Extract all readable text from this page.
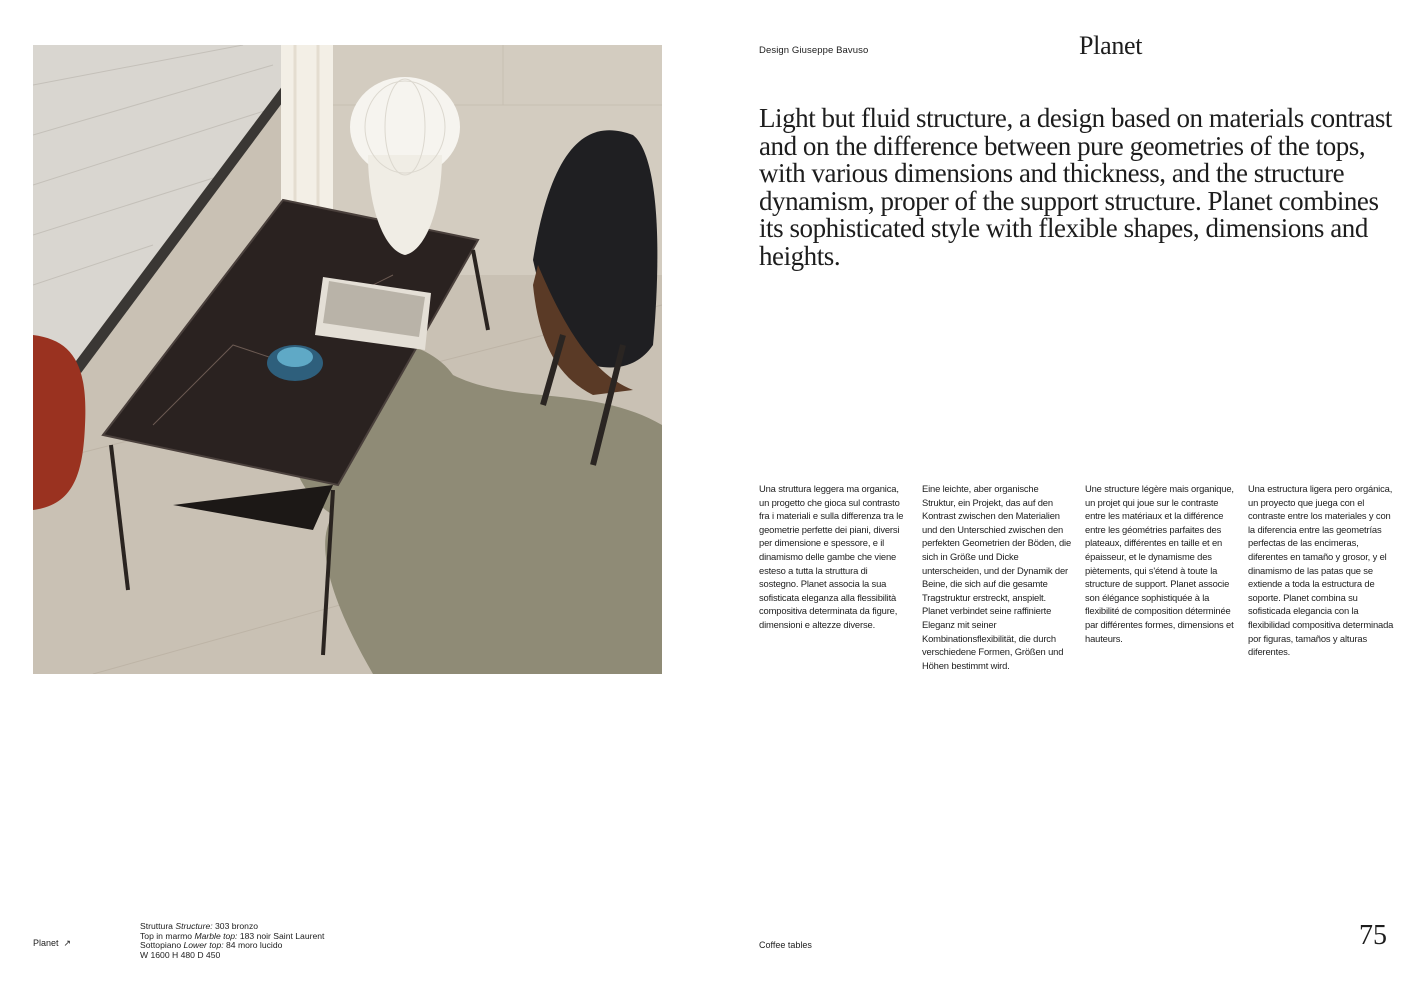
Design Giuseppe Bavuso	Planet

Light but fluid structure, a design based on materials contrast and on the difference between pure geometries of the tops, with various dimensions and thickness, and the structure dynamism, proper of the support structure. Planet combines its sophisticated style with flexible shapes, dimensions and heights.

Una struttura leggera ma organica, un progetto che gioca sul contrasto fra i materiali e sulla differenza tra le geometrie perfette dei piani, diversi per dimensione e spessore, e il dinamismo delle gambe che viene esteso a tutta la struttura di sostegno. Planet associa la sua sofisticata eleganza alla flessibilità compositiva determinata da figure, dimensioni e altezze diverse.

Eine leichte, aber organische Struktur, ein Projekt, das auf den Kontrast zwischen den Materialien und den Unterschied zwischen den perfekten Geometrien der Böden, die sich in Größe und Dicke unterscheiden, und der Dynamik der Beine, die sich auf die gesamte Tragstruktur erstreckt, anspielt. Planet verbindet seine raffinierte Eleganz mit seiner Kombinationsflexibilität, die durch verschiedene Formen, Größen und Höhen bestimmt wird.

Une structure légère mais organique, un projet qui joue sur le contraste entre les matériaux et la différence entre les géométries parfaites des plateaux, différentes en taille et en épaisseur, et le dynamisme des piètements, qui s'étend à toute la structure de support. Planet associe son élégance sophistiquée à la flexibilité de composition déterminée par différentes formes, dimensions et hauteurs.

Una estructura ligera pero orgánica, un proyecto que juega con el contraste entre los materiales y con la diferencia entre las geometrías perfectas de las encimeras, diferentes en tamaño y grosor, y el dinamismo de las patas que se extiende a toda la estructura de soporte. Planet combina su sofisticada elegancia con la flexibilidad compositiva determinada por figuras, tamaños y alturas diferentes.

Planet ↗
Struttura Structure: 303 bronzo
Top in marmo Marble top: 183 noir Saint Laurent
Sottopiano Lower top: 84 moro lucido
W 1600 H 480 D 450
Coffee tables	75
